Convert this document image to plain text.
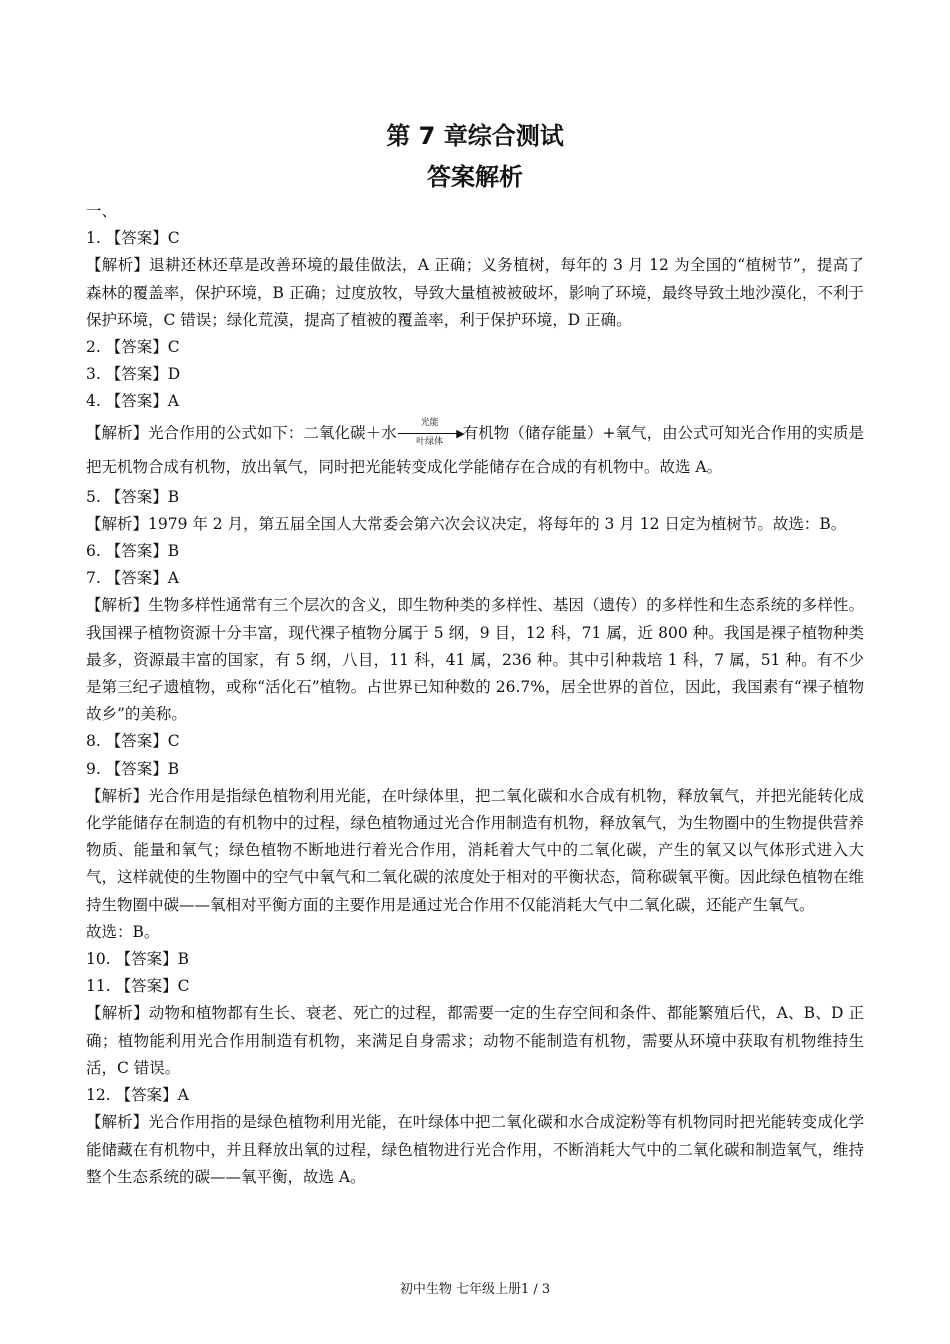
第 7 章综合测试
答案解析

一、

1. 【答案】C

【解析】退耕还林还草是改善环境的最佳做法，A 正确；义务植树，每年的 3 月 12 为全国的“植树节”，提高了森林的覆盖率，保护环境，B 正确；过度放牧，导致大量植被被破坏，影响了环境，最终导致土地沙漠化，不利于保护环境，C 错误；绿化荒漠，提高了植被的覆盖率，利于保护环境，D 正确。

2. 【答案】C

3. 【答案】D

4. 【答案】A

【解析】光合作用的公式如下：二氧化碳＋水
光能
▶
叶绿体	有机物（储存能量）+氧气，由公式可知光合作用的实质是把无机物合成有机物，放出氧气，同时把光能转变成化学能储存在合成的有机物中。故选 A。

5. 【答案】B

【解析】1979 年 2 月，第五届全国人大常委会第六次会议决定，将每年的 3 月 12 日定为植树节。故选：B。

6. 【答案】B

7. 【答案】A

【解析】生物多样性通常有三个层次的含义，即生物种类的多样性、基因（遗传）的多样性和生态系统的多样性。我国裸子植物资源十分丰富，现代裸子植物分属于 5 纲，9 目，12 科，71 属，近 800 种。我国是裸子植物种类最多，资源最丰富的国家，有 5 纲，八目，11 科，41 属，236 种。其中引种栽培 1 科，7 属，51 种。有不少是第三纪孑遗植物，或称“活化石”植物。占世界已知种数的 26.7%，居全世界的首位，因此，我国素有“裸子植物故乡”的美称。

8. 【答案】C

9. 【答案】B

【解析】光合作用是指绿色植物利用光能，在叶绿体里，把二氧化碳和水合成有机物，释放氧气，并把光能转化成化学能储存在制造的有机物中的过程，绿色植物通过光合作用制造有机物，释放氧气，为生物圈中的生物提供营养物质、能量和氧气；绿色植物不断地进行着光合作用，消耗着大气中的二氧化碳，产生的氧又以气体形式进入大气，这样就使的生物圈中的空气中氧气和二氧化碳的浓度处于相对的平衡状态，简称碳氧平衡。因此绿色植物在维持生物圈中碳——氧相对平衡方面的主要作用是通过光合作用不仅能消耗大气中二氧化碳，还能产生氧气。

故选：B。

10. 【答案】B

11. 【答案】C

【解析】动物和植物都有生长、衰老、死亡的过程，都需要一定的生存空间和条件、都能繁殖后代，A、B、D 正确；植物能利用光合作用制造有机物，来满足自身需求；动物不能制造有机物，需要从环境中获取有机物维持生活，C 错误。

12. 【答案】A

【解析】光合作用指的是绿色植物利用光能，在叶绿体中把二氧化碳和水合成淀粉等有机物同时把光能转变成化学能储藏在有机物中，并且释放出氧的过程，绿色植物进行光合作用，不断消耗大气中的二氧化碳和制造氧气，维持整个生态系统的碳——氧平衡，故选 A。

初中生物 七年级上册1 / 3
